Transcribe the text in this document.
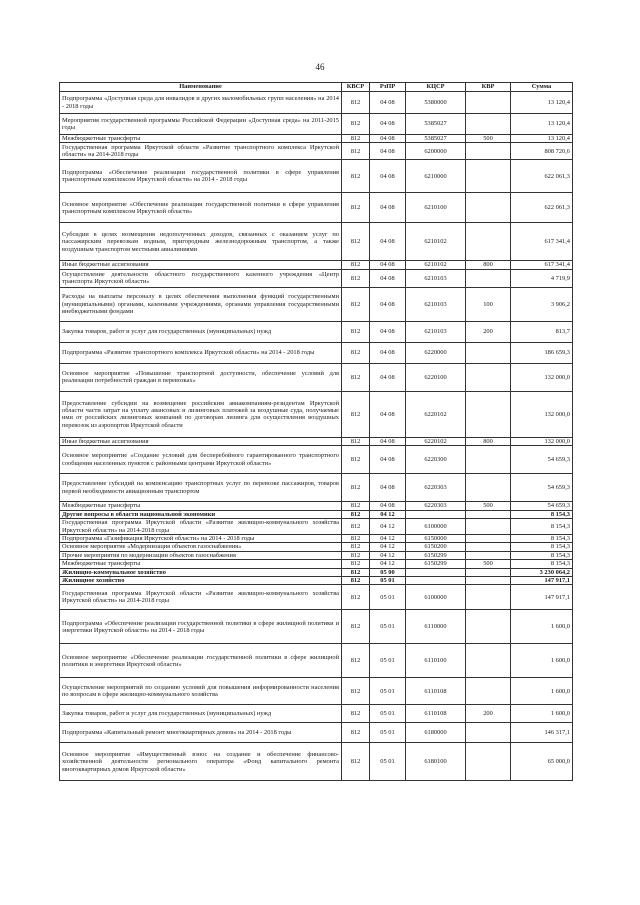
46
Наименование	КВСР	РзПР	КЦСР	КВР	Сумма
Подпрограмма «Доступная среда для инвалидов и других маломобильных групп населения» на 2014 - 2018 годы	812	04 08	5380000		13 120,4
Мероприятия государственной программы Российской Федерации «Доступная среда» на 2011-2015 годы	812	04 08	5385027		13 120,4
Межбюджетные трансферты	812	04 08	5385027	500	13 120,4
Государственная программа Иркутской области «Развитие транспортного комплекса Иркутской области» на 2014-2018 годы	812	04 08	6200000		808 720,6
Подпрограмма «Обеспечение реализации государственной политики в сфере управления транспортным комплексом Иркутской области» на 2014 - 2018 годы	812	04 08	6210000		622 061,3
Основное мероприятие «Обеспечение реализации государственной политики в сфере управления транспортным комплексом Иркутской области»	812	04 08	6210100		622 061,3
Субсидии в целях возмещения недополученных доходов, связанных с оказанием услуг по пассажирским перевозкам водным, пригородным железнодорожным транспортом, а также воздушным транспортом местными авиалиниями	812	04 08	6210102		617 341,4
Иные бюджетные ассигнования	812	04 08	6210102	800	617 341,4
Осуществление деятельности областного государственного казенного учреждения «Центр транспорта Иркутской области»	812	04 08	6210103		4 719,9
Расходы на выплаты персоналу в целях обеспечения выполнения функций государственными (муниципальными) органами, казенными учреждениями, органами управления государственными внебюджетными фондами	812	04 08	6210103	100	3 906,2
Закупка товаров, работ и услуг для государственных (муниципальных) нужд	812	04 08	6210103	200	813,7
Подпрограмма «Развитие транспортного комплекса Иркутской области» на 2014 - 2018 годы	812	04 08	6220000		186 659,3
Основное мероприятие «Повышение транспортной доступности, обеспечение условий для реализации потребностей граждан в перевозках»	812	04 08	6220100		132 000,0
Предоставление субсидии на возмещение российским авиакомпаниям-резидентам Иркутской области части затрат на уплату авансовых и лизинговых платежей за воздушные суда, получаемые ими от российских лизинговых компаний по договорам лизинга для осуществления воздушных перевозок из аэропортов Иркутской области	812	04 08	6220102		132 000,0
Иные бюджетные ассигнования	812	04 08	6220102	800	132 000,0
Основное мероприятие «Создание условий для бесперебойного гарантированного транспортного сообщения населенных пунктов с районными центрами Иркутской области»	812	04 08	6220300		54 659,3
Предоставление субсидий на компенсацию транспортных услуг по перевозке пассажиров, товаров первой необходимости авиационным транспортом	812	04 08	6220303		54 659,3
Межбюджетные трансферты	812	04 08	6220303	500	54 659,3
Другие вопросы в области национальной экономики	812	04 12			8 154,3
Государственная программа Иркутской области «Развитие жилищно-коммунального хозяйства Иркутской области» на 2014-2018 годы	812	04 12	6100000		8 154,3
Подпрограмма «Газификация Иркутской области» на 2014 - 2018 годы	812	04 12	6150000		8 154,3
Основное мероприятие «Модернизация объектов газоснабжения»	812	04 12	6150200		8 154,3
Прочие мероприятия по модернизации объектов газоснабжения	812	04 12	6150299		8 154,3
Межбюджетные трансферты	812	04 12	6150299	500	8 154,3
Жилищно-коммунальное хозяйство	812	05 00			3 230 064,2
Жилищное хозяйство	812	05 01			147 917,1
Государственная программа Иркутской области «Развитие жилищно-коммунального хозяйства Иркутской области» на 2014-2018 годы	812	05 01	6100000		147 917,1
Подпрограмма «Обеспечение реализации государственной политики в сфере жилищной политики и энергетики Иркутской области» на 2014 - 2018 годы	812	05 01	6110000		1 600,0
Основное мероприятие «Обеспечение реализации государственной политики в сфере жилищной политики и энергетики Иркутской области»	812	05 01	6110100		1 600,0
Осуществление мероприятий по созданию условий для повышения информированности населения по вопросам в сфере жилищно-коммунального хозяйства	812	05 01	6110108		1 600,0
Закупка товаров, работ и услуг для государственных (муниципальных) нужд	812	05 01	6110108	200	1 600,0
Подпрограмма «Капитальный ремонт многоквартирных домов» на 2014 - 2018 годы	812	05 01	6180000		146 317,1
Основное мероприятие «Имущественный взнос на создание и обеспечение финансово-хозяйственной деятельности регионального оператора «Фонд капитального ремонта многоквартирных домов Иркутской области»	812	05 01	6180100		65 000,0
